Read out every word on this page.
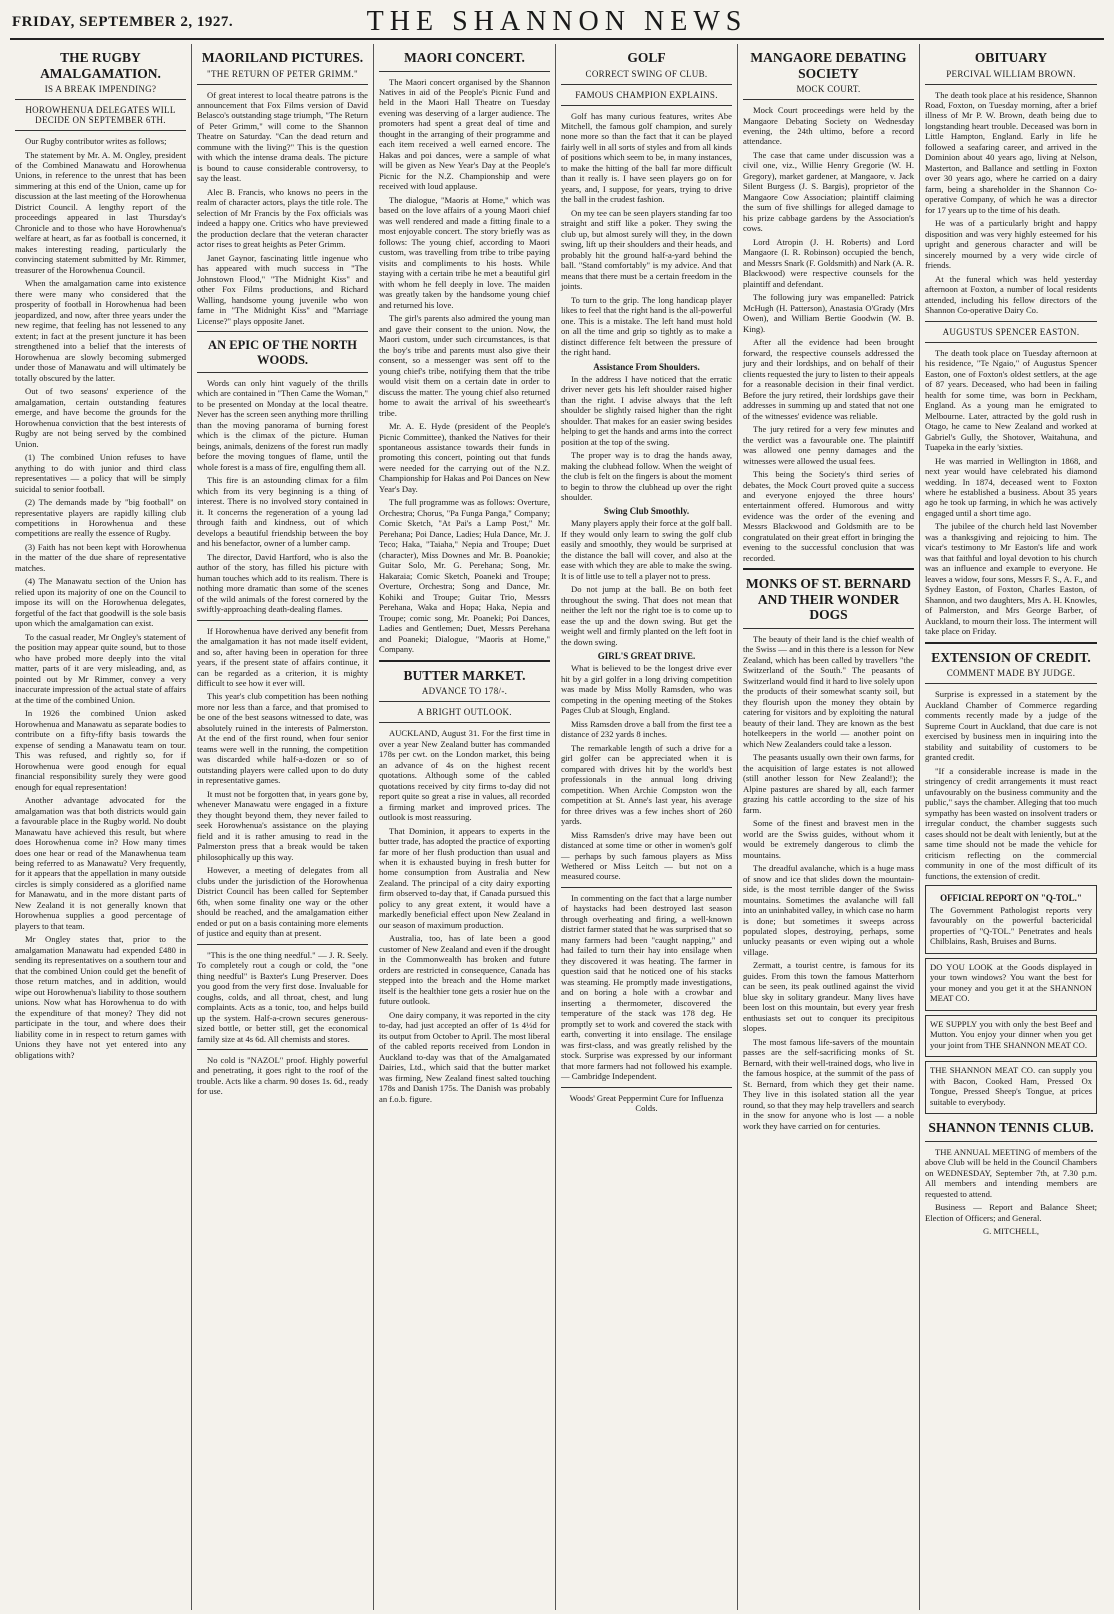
FRIDAY, SEPTEMBER 2, 1927.	THE SHANNON NEWS
THE RUGBY AMALGAMATION.
IS A BREAK IMPENDING?
HOROWHENUA DELEGATES WILL DECIDE ON SEPTEMBER 6TH.

Our Rugby contributor writes as follows;

The statement by Mr. A. M. Ongley, president of the Combined Manawatu and Horowhenua Unions, in reference to the unrest that has been simmering at this end of the Union, came up for discussion at the last meeting of the Horowhenua District Council. A lengthy report of the proceedings appeared in last Thursday's Chronicle and to those who have Horowhenua's welfare at heart, as far as football is concerned, it makes interesting reading, particularly the convincing statement submitted by Mr. Rimmer, treasurer of the Horowhenua Council.

When the amalgamation came into existence there were many who considered that the prosperity of football in Horowhenua had been jeopardized, and now, after three years under the new regime, that feeling has not lessened to any extent; in fact at the present juncture it has been strengthened into a belief that the interests of Horowhenua are slowly becoming submerged under those of Manawatu and will ultimately be totally obscured by the latter.

Out of two seasons' experience of the amalgamation, certain outstanding features emerge, and have become the grounds for the Horowhenua conviction that the best interests of Rugby are not being served by the combined Union.

(1) The combined Union refuses to have anything to do with junior and third class representatives — a policy that will be simply suicidal to senior football.

(2) The demands made by "big football" on representative players are rapidly killing club competitions in Horowhenua and these competitions are really the essence of Rugby.

(3) Faith has not been kept with Horowhenua in the matter of the due share of representative matches.

(4) The Manawatu section of the Union has relied upon its majority of one on the Council to impose its will on the Horowhenua delegates, forgetful of the fact that goodwill is the sole basis upon which the amalgamation can exist.

To the casual reader, Mr Ongley's statement of the position may appear quite sound, but to those who have probed more deeply into the vital matter, parts of it are very misleading, and, as pointed out by Mr Rimmer, convey a very inaccurate impression of the actual state of affairs at the time of the combined Union.

In 1926 the combined Union asked Horowhenua and Manawatu as separate bodies to contribute on a fifty-fifty basis towards the expense of sending a Manawatu team on tour. This was refused, and rightly so, for if Horowhenua were good enough for equal financial responsibility surely they were good enough for equal representation!

Another advantage advocated for the amalgamation was that both districts would gain a favourable place in the Rugby world. No doubt Manawatu have achieved this result, but where does Horowhenua come in? How many times does one hear or read of the Manawhenua team being referred to as Manawatu? Very frequently, for it appears that the appellation in many outside circles is simply considered as a glorified name for Manawatu, and in the more distant parts of New Zealand it is not generally known that Horowhenua supplies a good percentage of players to that team.

Mr Ongley states that, prior to the amalgamation Manawatu had expended £480 in sending its representatives on a southern tour and that the combined Union could get the benefit of those return matches, and in addition, would wipe out Horowhenua's liability to those southern unions. Now what has Horowhenua to do with the expenditure of that money? They did not participate in the tour, and where does their liability come in in respect to return games with Unions they have not yet entered into any obligations with?

MAORILAND PICTURES.
"THE RETURN OF PETER GRIMM."

Of great interest to local theatre patrons is the announcement that Fox Films version of David Belasco's outstanding stage triumph, "The Return of Peter Grimm," will come to the Shannon Theatre on Saturday. "Can the dead return and commune with the living?" This is the question with which the intense drama deals. The picture is bound to cause considerable controversy, to say the least.

Alec B. Francis, who knows no peers in the realm of character actors, plays the title role. The selection of Mr Francis by the Fox officials was indeed a happy one. Critics who have previewed the production declare that the veteran character actor rises to great heights as Peter Grimm.

Janet Gaynor, fascinating little ingenue who has appeared with much success in "The Johnstown Flood," "The Midnight Kiss" and other Fox Films productions, and Richard Walling, handsome young juvenile who won fame in "The Midnight Kiss" and "Marriage License?" plays opposite Janet.

AN EPIC OF THE NORTH WOODS.

Words can only hint vaguely of the thrills which are contained in "Then Came the Woman," to be presented on Monday at the local theatre. Never has the screen seen anything more thrilling than the moving panorama of burning forest which is the climax of the picture. Human beings, animals, denizens of the forest run madly before the moving tongues of flame, until the whole forest is a mass of fire, engulfing them all.

This fire is an astounding climax for a film which from its very beginning is a thing of interest. There is no involved story contained in it. It concerns the regeneration of a young lad through faith and kindness, out of which develops a beautiful friendship between the boy and his benefactor, owner of a lumber camp.

The director, David Hartford, who is also the author of the story, has filled his picture with human touches which add to its realism. There is nothing more dramatic than some of the scenes of the wild animals of the forest cornered by the swiftly-approaching death-dealing flames.

If Horowhenua have derived any benefit from the amalgamation it has not made itself evident, and so, after having been in operation for three years, if the present state of affairs continue, it can be regarded as a criterion, it is mighty difficult to see how it ever will.

This year's club competition has been nothing more nor less than a farce, and that promised to be one of the best seasons witnessed to date, was absolutely ruined in the interests of Palmerston. At the end of the first round, when four senior teams were well in the running, the competition was discarded while half-a-dozen or so of outstanding players were called upon to do duty in representative games.

It must not be forgotten that, in years gone by, whenever Manawatu were engaged in a fixture they thought beyond them, they never failed to seek Horowhenua's assistance on the playing field and it is rather amusing to read in the Palmerston press that a break would be taken philosophically up this way.

However, a meeting of delegates from all clubs under the jurisdiction of the Horowhenua District Council has been called for September 6th, when some finality one way or the other should be reached, and the amalgamation either ended or put on a basis containing more elements of justice and equity than at present.

"This is the one thing needful." — J. R. Seely. To completely rout a cough or cold, the "one thing needful" is Baxter's Lung Preserver. Does you good from the very first dose. Invaluable for coughs, colds, and all throat, chest, and lung complaints. Acts as a tonic, too, and helps build up the system. Half-a-crown secures generous-sized bottle, or better still, get the economical family size at 4s 6d. All chemists and stores.

No cold is "NAZOL" proof. Highly powerful and penetrating, it goes right to the roof of the trouble. Acts like a charm. 90 doses 1s. 6d., ready for use.

MAORI CONCERT.

The Maori concert organised by the Shannon Natives in aid of the People's Picnic Fund and held in the Maori Hall Theatre on Tuesday evening was deserving of a larger audience. The promoters had spent a great deal of time and thought in the arranging of their programme and each item received a well earned encore. The Hakas and poi dances, were a sample of what will be given as New Year's Day at the People's Picnic for the N.Z. Championship and were received with loud applause.

The dialogue, "Maoris at Home," which was based on the love affairs of a young Maori chief was well rendered and made a fitting finale to a most enjoyable concert. The story briefly was as follows: The young chief, according to Maori custom, was travelling from tribe to tribe paying visits and compliments to his hosts. While staying with a certain tribe he met a beautiful girl with whom he fell deeply in love. The maiden was greatly taken by the handsome young chief and returned his love.

The girl's parents also admired the young man and gave their consent to the union. Now, the Maori custom, under such circumstances, is that the boy's tribe and parents must also give their consent, so a messenger was sent off to the young chief's tribe, notifying them that the tribe would visit them on a certain date in order to discuss the matter. The young chief also returned home to await the arrival of his sweetheart's tribe.

Mr. A. E. Hyde (president of the People's Picnic Committee), thanked the Natives for their spontaneous assistance towards their funds in promoting this concert, pointing out that funds were needed for the carrying out of the N.Z. Championship for Hakas and Poi Dances on New Year's Day.

The full programme was as follows: Overture, Orchestra; Chorus, "Pa Funga Panga," Company; Comic Sketch, "At Pai's a Lamp Post," Mr. Perehana; Poi Dance, Ladies; Hula Dance, Mr. J. Teco; Haka, "Taiaha," Nepia and Troupe; Duet (character), Miss Downes and Mr. B. Poanokie; Guitar Solo, Mr. G. Perehana; Song, Mr. Hakaraia; Comic Sketch, Poaneki and Troupe; Overture, Orchestra; Song and Dance, Mr. Kohiki and Troupe; Guitar Trio, Messrs Perehana, Waka and Hopa; Haka, Nepia and Troupe; comic song, Mr. Poaneki; Poi Dances, Ladies and Gentlemen; Duet, Messrs Perehana and Poaneki; Dialogue, "Maoris at Home," Company.

BUTTER MARKET.
ADVANCE TO 178/-.
A BRIGHT OUTLOOK.

AUCKLAND, August 31. For the first time in over a year New Zealand butter has commanded 178s per cwt. on the London market, this being an advance of 4s on the highest recent quotations. Although some of the cabled quotations received by city firms to-day did not report quite so great a rise in values, all recorded a firming market and improved prices. The outlook is most reassuring.

That Dominion, it appears to experts in the butter trade, has adopted the practice of exporting far more of her flush production than usual and when it is exhausted buying in fresh butter for home consumption from Australia and New Zealand. The principal of a city dairy exporting firm observed to-day that, if Canada pursued this policy to any great extent, it would have a markedly beneficial effect upon New Zealand in our season of maximum production.

Australia, too, has of late been a good customer of New Zealand and even if the drought in the Commonwealth has broken and future orders are restricted in consequence, Canada has stepped into the breach and the Home market itself is the healthier tone gets a rosier hue on the future outlook.

One dairy company, it was reported in the city to-day, had just accepted an offer of 1s 4½d for its output from October to April. The most liberal of the cabled reports received from London in Auckland to-day was that of the Amalgamated Dairies, Ltd., which said that the butter market was firming, New Zealand finest salted touching 178s and Danish 175s. The Danish was probably an f.o.b. figure.

GOLF
CORRECT SWING OF CLUB.
FAMOUS CHAMPION EXPLAINS.

Golf has many curious features, writes Abe Mitchell, the famous golf champion, and surely none more so than the fact that it can be played fairly well in all sorts of styles and from all kinds of positions which seem to be, in many instances, to make the hitting of the ball far more difficult than it really is. I have seen players go on for years, and, I suppose, for years, trying to drive the ball in the crudest fashion.

On my tee can be seen players standing far too straight and stiff like a poker. They swing the club up, but almost surely will they, in the down swing, lift up their shoulders and their heads, and probably hit the ground half-a-yard behind the ball. "Stand comfortably" is my advice. And that means that there must be a certain freedom in the joints.

To turn to the grip. The long handicap player likes to feel that the right hand is the all-powerful one. This is a mistake. The left hand must hold on all the time and grip so tightly as to make a distinct difference felt between the pressure of the right hand.

Assistance From Shoulders.

In the address I have noticed that the erratic driver never gets his left shoulder raised higher than the right. I advise always that the left shoulder be slightly raised higher than the right shoulder. That makes for an easier swing besides helping to get the hands and arms into the correct position at the top of the swing.

The proper way is to drag the hands away, making the clubhead follow. When the weight of the club is felt on the fingers is about the moment to begin to throw the clubhead up over the right shoulder.

Swing Club Smoothly.

Many players apply their force at the golf ball. If they would only learn to swing the golf club easily and smoothly, they would be surprised at the distance the ball will cover, and also at the ease with which they are able to make the swing. It is of little use to tell a player not to press.

Do not jump at the ball. Be on both feet throughout the swing. That does not mean that neither the left nor the right toe is to come up to ease the up and the down swing. But get the weight well and firmly planted on the left foot in the down swing.

GIRL'S GREAT DRIVE.

What is believed to be the longest drive ever hit by a girl golfer in a long driving competition was made by Miss Molly Ramsden, who was competing in the opening meeting of the Stokes Pages Club at Slough, England.

Miss Ramsden drove a ball from the first tee a distance of 232 yards 8 inches.

The remarkable length of such a drive for a girl golfer can be appreciated when it is compared with drives hit by the world's best professionals in the annual long driving competition. When Archie Compston won the competition at St. Anne's last year, his average for three drives was a few inches short of 260 yards.

Miss Ramsden's drive may have been out distanced at some time or other in women's golf — perhaps by such famous players as Miss Wethered or Miss Leitch — but not on a measured course.

In commenting on the fact that a large number of haystacks had been destroyed last season through overheating and firing, a well-known district farmer stated that he was surprised that so many farmers had been "caught napping," and had failed to turn their hay into ensilage when they discovered it was heating. The farmer in question said that he noticed one of his stacks was steaming. He promptly made investigations, and on boring a hole with a crowbar and inserting a thermometer, discovered the temperature of the stack was 178 deg. He promptly set to work and covered the stack with earth, converting it into ensilage. The ensilage was first-class, and was greatly relished by the stock. Surprise was expressed by our informant that more farmers had not followed his example. — Cambridge Independent.

Woods' Great Peppermint Cure for Influenza Colds.

MANGAORE DEBATING SOCIETY
MOCK COURT.

Mock Court proceedings were held by the Mangaore Debating Society on Wednesday evening, the 24th ultimo, before a record attendance.

The case that came under discussion was a civil one, viz., Willie Henry Gregorie (W. H. Gregory), market gardener, at Mangaore, v. Jack Silent Burgess (J. S. Bargis), proprietor of the Mangaore Cow Association; plaintiff claiming the sum of five shillings for alleged damage to his prize cabbage gardens by the Association's cows.

Lord Atropin (J. H. Roberts) and Lord Mangaore (I. R. Robinson) occupied the bench, and Messrs Snark (F. Goldsmith) and Nark (A. R. Blackwood) were respective counsels for the plaintiff and defendant.

The following jury was empanelled: Patrick McHugh (H. Patterson), Anastasia O'Grady (Mrs Owen), and William Bertie Goodwin (W. B. King).

After all the evidence had been brought forward, the respective counsels addressed the jury and their lordships, and on behalf of their clients requested the jury to listen to their appeals for a reasonable decision in their final verdict. Before the jury retired, their lordships gave their addresses in summing up and stated that not one of the witnesses' evidence was reliable.

The jury retired for a very few minutes and the verdict was a favourable one. The plaintiff was allowed one penny damages and the witnesses were allowed the usual fees.

This being the Society's third series of debates, the Mock Court proved quite a success and everyone enjoyed the three hours' entertainment offered. Humorous and witty evidence was the order of the evening and Messrs Blackwood and Goldsmith are to be congratulated on their great effort in bringing the evening to the successful conclusion that was recorded.

MONKS OF ST. BERNARD AND THEIR WONDER DOGS

The beauty of their land is the chief wealth of the Swiss — and in this there is a lesson for New Zealand, which has been called by travellers "the Switzerland of the South." The peasants of Switzerland would find it hard to live solely upon the products of their somewhat scanty soil, but they flourish upon the money they obtain by catering for visitors and by exploiting the natural beauty of their land. They are known as the best hotelkeepers in the world — another point on which New Zealanders could take a lesson.

The peasants usually own their own farms, for the acquisition of large estates is not allowed (still another lesson for New Zealand!); the Alpine pastures are shared by all, each farmer grazing his cattle according to the size of his farm.

Some of the finest and bravest men in the world are the Swiss guides, without whom it would be extremely dangerous to climb the mountains.

The dreadful avalanche, which is a huge mass of snow and ice that slides down the mountain-side, is the most terrible danger of the Swiss mountains. Sometimes the avalanche will fall into an uninhabited valley, in which case no harm is done; but sometimes it sweeps across populated slopes, destroying, perhaps, some unlucky peasants or even wiping out a whole village.

Zermatt, a tourist centre, is famous for its guides. From this town the famous Matterhorn can be seen, its peak outlined against the vivid blue sky in solitary grandeur. Many lives have been lost on this mountain, but every year fresh enthusiasts set out to conquer its precipitous slopes.

The most famous life-savers of the mountain passes are the self-sacrificing monks of St. Bernard, with their well-trained dogs, who live in the famous hospice, at the summit of the pass of St. Bernard, from which they get their name. They live in this isolated station all the year round, so that they may help travellers and search in the snow for anyone who is lost — a noble work they have carried on for centuries.

OBITUARY
PERCIVAL WILLIAM BROWN.

The death took place at his residence, Shannon Road, Foxton, on Tuesday morning, after a brief illness of Mr P. W. Brown, death being due to longstanding heart trouble. Deceased was born in Little Hampton, England. Early in life he followed a seafaring career, and arrived in the Dominion about 40 years ago, living at Nelson, Masterton, and Ballance and settling in Foxton over 30 years ago, where he carried on a dairy farm, being a shareholder in the Shannon Co-operative Company, of which he was a director for 17 years up to the time of his death.

He was of a particularly bright and happy disposition and was very highly esteemed for his upright and generous character and will be sincerely mourned by a very wide circle of friends.

At the funeral which was held yesterday afternoon at Foxton, a number of local residents attended, including his fellow directors of the Shannon Co-operative Dairy Co.

AUGUSTUS SPENCER EASTON.

The death took place on Tuesday afternoon at his residence, "Te Ngaio," of Augustus Spencer Easton, one of Foxton's oldest settlers, at the age of 87 years. Deceased, who had been in failing health for some time, was born in Peckham, England. As a young man he emigrated to Melbourne. Later, attracted by the gold rush in Otago, he came to New Zealand and worked at Gabriel's Gully, the Shotover, Waitahuna, and Tuapeka in the early 'sixties.

He was married in Wellington in 1868, and next year would have celebrated his diamond wedding. In 1874, deceased went to Foxton where he established a business. About 35 years ago he took up farming, in which he was actively engaged until a short time ago.

The jubilee of the church held last November was a thanksgiving and rejoicing to him. The vicar's testimony to Mr Easton's life and work was that faithful and loyal devotion to his church was an influence and example to everyone. He leaves a widow, four sons, Messrs F. S., A. F., and Sydney Easton, of Foxton, Charles Easton, of Shannon, and two daughters, Mrs A. H. Knowles, of Palmerston, and Mrs George Barber, of Auckland, to mourn their loss. The interment will take place on Friday.

EXTENSION OF CREDIT.
COMMENT MADE BY JUDGE.

Surprise is expressed in a statement by the Auckland Chamber of Commerce regarding comments recently made by a judge of the Supreme Court in Auckland, that due care is not exercised by business men in inquiring into the stability and suitability of customers to be granted credit.

"If a considerable increase is made in the stringency of credit arrangements it must react unfavourably on the business community and the public," says the chamber. Alleging that too much sympathy has been wasted on insolvent traders or irregular conduct, the chamber suggests such cases should not be dealt with leniently, but at the same time should not be made the vehicle for criticism reflecting on the commercial community in one of the most difficult of its functions, the extension of credit.

OFFICIAL REPORT ON "Q-TOL."

The Government Pathologist reports very favourably on the powerful bactericidal properties of "Q-TOL." Penetrates and heals Chilblains, Rash, Bruises and Burns.

DO YOU LOOK at the Goods displayed in your town windows? You want the best for your money and you get it at the SHANNON MEAT CO.

WE SUPPLY you with only the best Beef and Mutton. You enjoy your dinner when you get your joint from THE SHANNON MEAT CO.

THE SHANNON MEAT CO. can supply you with Bacon, Cooked Ham, Pressed Ox Tongue, Pressed Sheep's Tongue, at prices suitable to everybody.

SHANNON TENNIS CLUB.

THE ANNUAL MEETING of members of the above Club will be held in the Council Chambers on WEDNESDAY, September 7th, at 7.30 p.m. All members and intending members are requested to attend.

Business — Report and Balance Sheet; Election of Officers; and General.

G. MITCHELL,
